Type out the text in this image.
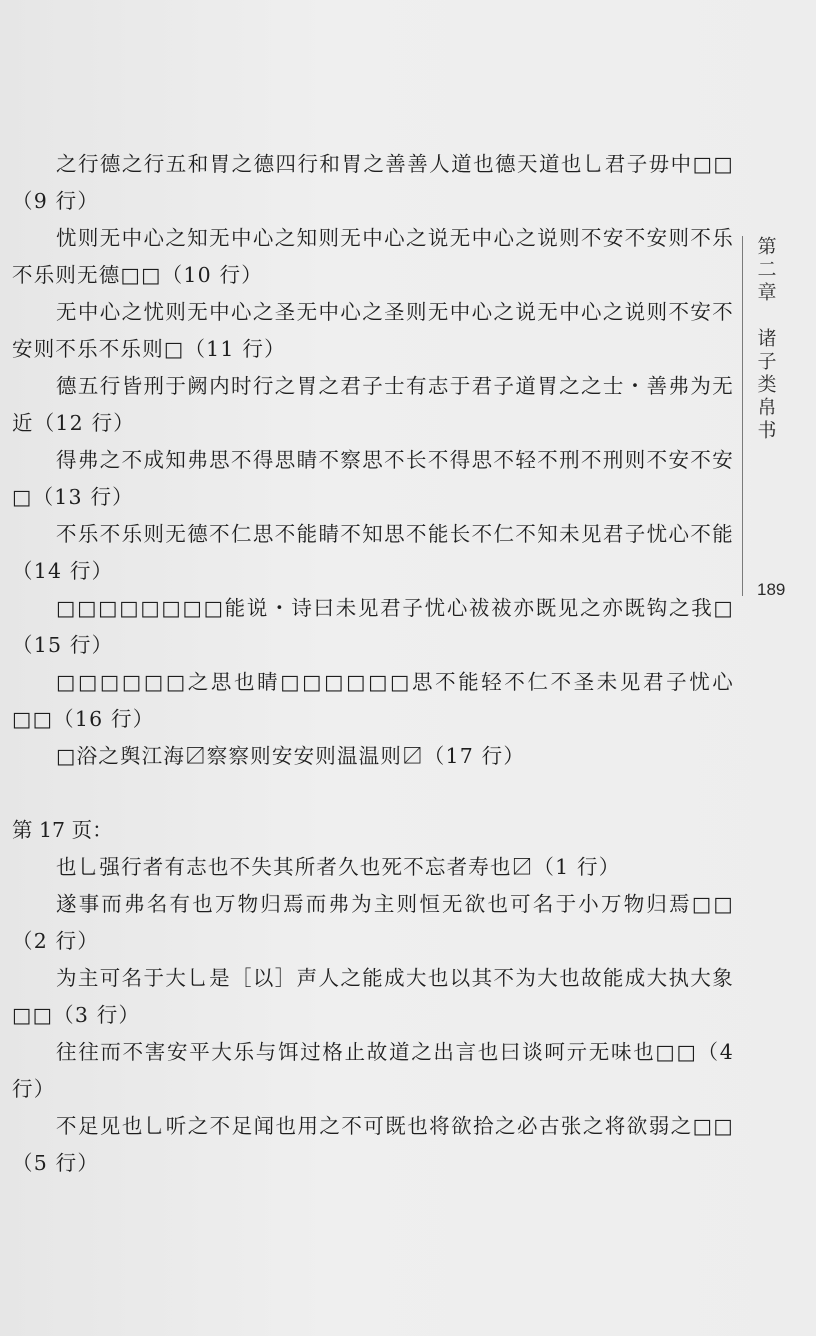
之行德之行五和胃之德四行和胃之善善人道也德天道也乚君子毋中□□（9 行）

忧则无中心之知无中心之知则无中心之说无中心之说则不安不安则不乐不乐则无德□□（10 行）

无中心之忧则无中心之圣无中心之圣则无中心之说无中心之说则不安不安则不乐不乐则□（11 行）

德五行皆刑于阙内时行之胃之君子士有志于君子道胃之之士・善弗为无近（12 行）

得弗之不成知弗思不得思睛不察思不长不得思不轻不刑不刑则不安不安□（13 行）

不乐不乐则无德不仁思不能睛不知思不能长不仁不知未见君子忧心不能（14 行）

□□□□□□□□能说・诗曰未见君子忧心祓祓亦既见之亦既钩之我□（15 行）

□□□□□□之思也睛□□□□□□思不能轻不仁不圣未见君子忧心□□（16 行）

□浴之舆江海〼察察则安安则温温则〼（17 行）

第 17 页：

也乚强行者有志也不失其所者久也死不忘者寿也〼（1 行）

遂事而弗名有也万物归焉而弗为主则恒无欲也可名于小万物归焉□□（2 行）

为主可名于大乚是［以］声人之能成大也以其不为大也故能成大执大象□□（3 行）

往往而不害安平大乐与饵过格止故道之出言也曰谈呵亓无味也□□（4 行）

不足见也乚听之不足闻也用之不可既也将欲拾之必古张之将欲弱之□□（5 行）

第二章　诸子类帛书
189
